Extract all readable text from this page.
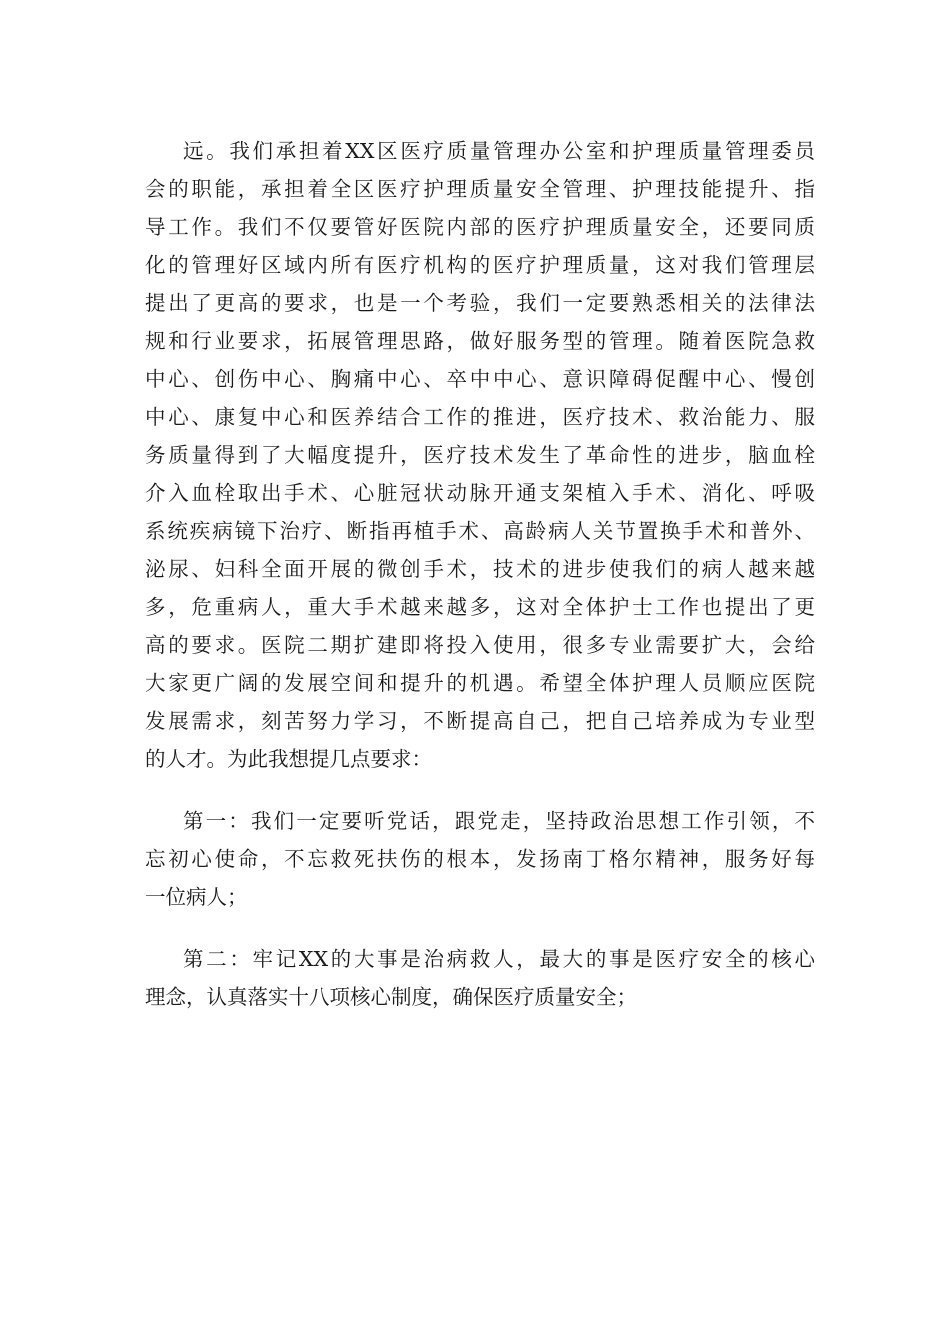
远。我们承担着XX区医疗质量管理办公室和护理质量管理委员
会的职能，承担着全区医疗护理质量安全管理、护理技能提升、指
导工作。我们不仅要管好医院内部的医疗护理质量安全，还要同质
化的管理好区域内所有医疗机构的医疗护理质量，这对我们管理层
提出了更高的要求，也是一个考验，我们一定要熟悉相关的法律法
规和行业要求，拓展管理思路，做好服务型的管理。随着医院急救
中心、创伤中心、胸痛中心、卒中中心、意识障碍促醒中心、慢创
中心、康复中心和医养结合工作的推进，医疗技术、救治能力、服
务质量得到了大幅度提升，医疗技术发生了革命性的进步，脑血栓
介入血栓取出手术、心脏冠状动脉开通支架植入手术、消化、呼吸
系统疾病镜下治疗、断指再植手术、高龄病人关节置换手术和普外、
泌尿、妇科全面开展的微创手术，技术的进步使我们的病人越来越
多，危重病人，重大手术越来越多，这对全体护士工作也提出了更
高的要求。医院二期扩建即将投入使用，很多专业需要扩大，会给
大家更广阔的发展空间和提升的机遇。希望全体护理人员顺应医院
发展需求，刻苦努力学习，不断提高自己，把自己培养成为专业型
的人才。为此我想提几点要求：
第一：我们一定要听党话，跟党走，坚持政治思想工作引领，不
忘初心使命，不忘救死扶伤的根本，发扬南丁格尔精神，服务好每
一位病人；
第二：牢记XX的大事是治病救人，最大的事是医疗安全的核心
理念，认真落实十八项核心制度，确保医疗质量安全；
